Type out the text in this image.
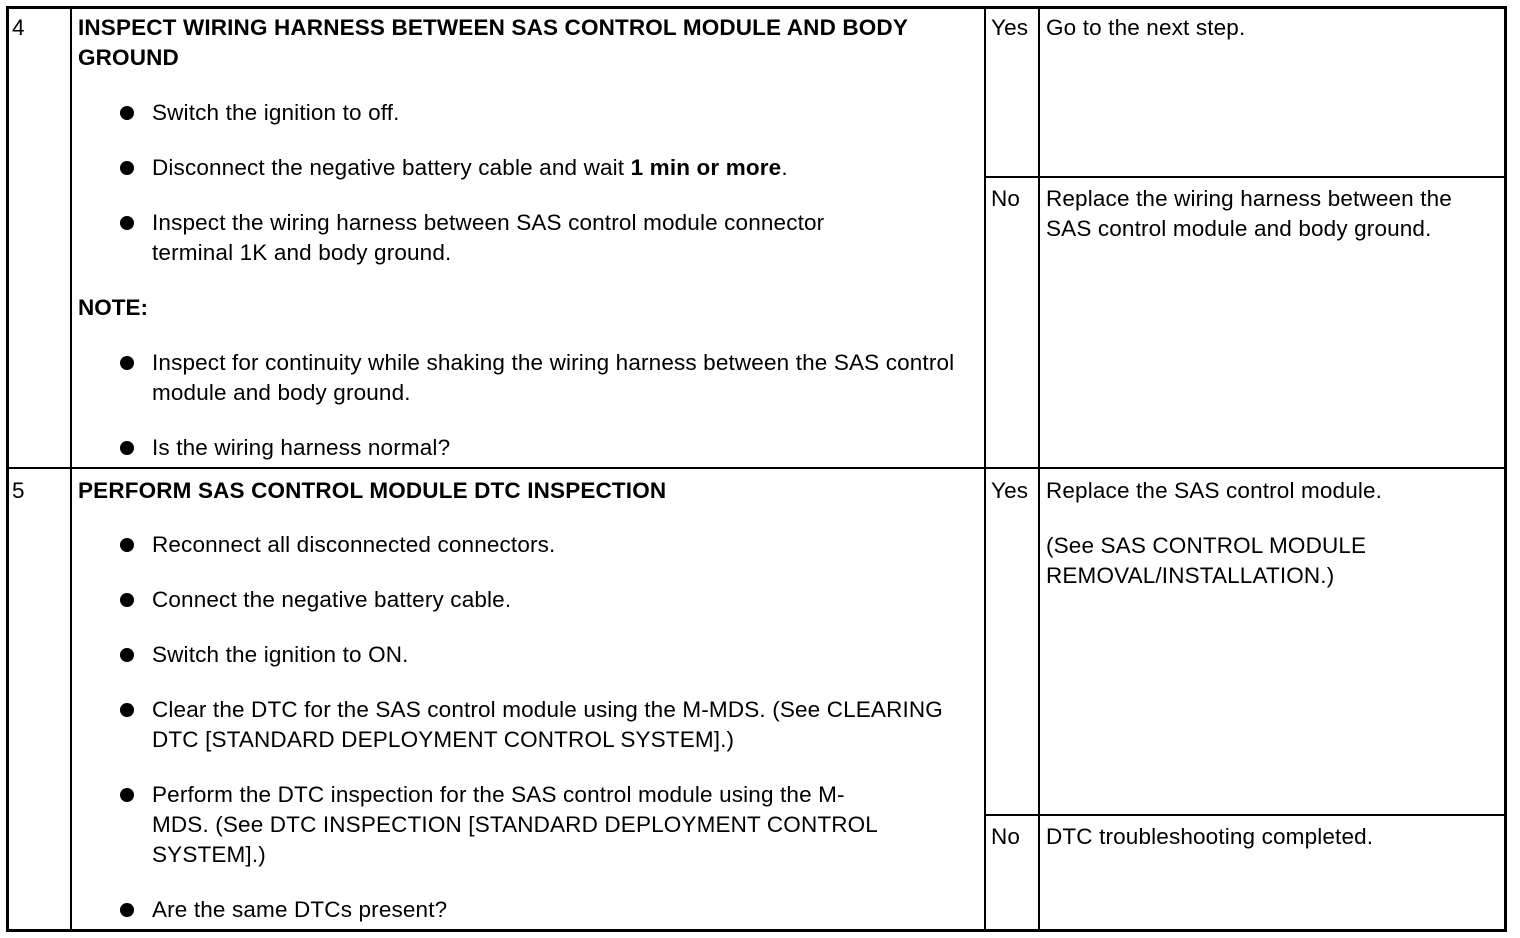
4 INSPECT WIRING HARNESS BETWEEN SAS CONTROL MODULE AND BODY GROUND
Switch the ignition to off.
Disconnect the negative battery cable and wait 1 min or more.
Inspect the wiring harness between SAS control module connector terminal 1K and body ground.
NOTE:
Inspect for continuity while shaking the wiring harness between the SAS control module and body ground.
Is the wiring harness normal?
Yes Go to the next step.
No Replace the wiring harness between the SAS control module and body ground.
5 PERFORM SAS CONTROL MODULE DTC INSPECTION
Reconnect all disconnected connectors.
Connect the negative battery cable.
Switch the ignition to ON.
Clear the DTC for the SAS control module using the M-MDS. (See CLEARING DTC [STANDARD DEPLOYMENT CONTROL SYSTEM].)
Perform the DTC inspection for the SAS control module using the M-MDS. (See DTC INSPECTION [STANDARD DEPLOYMENT CONTROL SYSTEM].)
Are the same DTCs present?
Yes Replace the SAS control module.
(See SAS CONTROL MODULE REMOVAL/INSTALLATION.)
No DTC troubleshooting completed.
